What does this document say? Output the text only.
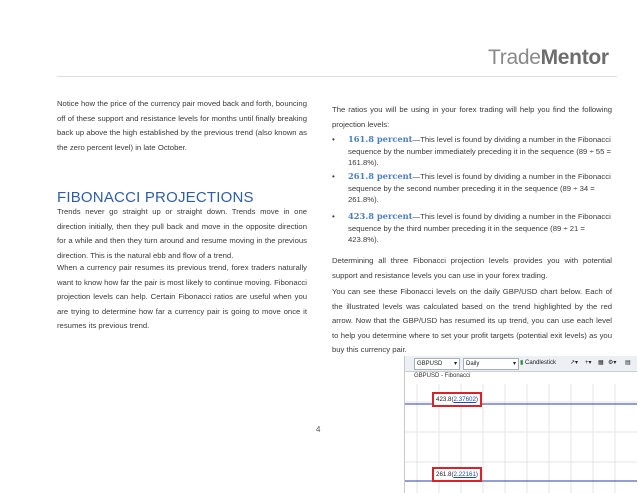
TradeMentor

Notice how the price of the currency pair moved back and forth, bouncing off of these support and resistance levels for months until finally breaking back up above the high established by the previous trend (also known as the zero percent level) in late October.

FIBONACCI PROJECTIONS

Trends never go straight up or straight down. Trends move in one direction initially, then they pull back and move in the opposite direction for a while and then they turn around and resume moving in the previous direction. This is the natural ebb and flow of a trend.

When a currency pair resumes its previous trend, forex traders naturally want to know how far the pair is most likely to continue moving. Fibonacci projection levels can help. Certain Fibonacci ratios are useful when you are trying to determine how far a currency pair is going to move once it resumes its previous trend.

The ratios you will be using in your forex trading will help you find the following projection levels:

• 161.8 percent—This level is found by dividing a number in the Fibonacci sequence by the number immediately preceding it in the sequence (89 ÷ 55 = 161.8%).
• 261.8 percent—This level is found by dividing a number in the Fibonacci sequence by the second number preceding it in the sequence (89 ÷ 34 = 261.8%).
• 423.8 percent—This level is found by dividing a number in the Fibonacci sequence by the third number preceding it in the sequence (89 ÷ 21 = 423.8%).

Determining all three Fibonacci projection levels provides you with potential support and resistance levels you can use in your forex trading.

You can see these Fibonacci levels on the daily GBP/USD chart below. Each of the illustrated levels was calculated based on the trend highlighted by the red arrow. Now that the GBP/USD has resumed its up trend, you can use each level to help you determine where to set your profit targets (potential exit levels) as you buy this currency pair.

4
GBPUSD ▾	Daily	▾ ▮ Candlestick ↗▾ +▾ ▦ ⚙▾ ▤
GBPUSD - Fibonacci
423.8(2.37602)
261.8(2.22161)
